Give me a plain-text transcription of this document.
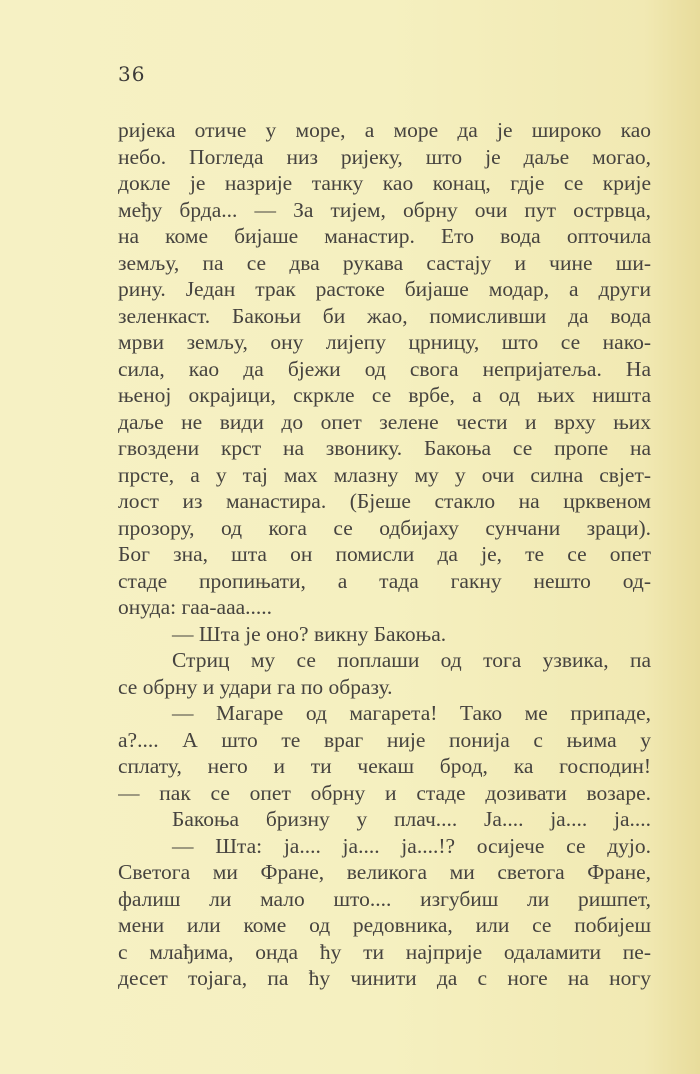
36
ријека отиче у море, а море да је широко као
небо. Погледа низ ријеку, што је даље могао,
докле је назрије танку као конац, гдје се крије
међу брда... — За тијем, обрну очи пут острвца,
на коме бијаше манастир. Ето вода опточила
земљу, па се два рукава састају и чине ши-
рину. Један трак растоке бијаше модар, а други
зеленкаст. Бакоњи би жао, помисливши да вода
мрви земљу, ону лијепу црницу, што се нако-
сила, као да бјежи од свога непријатеља. На
њеној окрајици, скркле се врбе, а од њих ништа
даље не види до опет зелене чести и врху њих
гвоздени крст на звонику. Бакоња се пропе на
прсте, а у тај мах млазну му у очи силна свјет-
лост из манастира. (Бјеше стакло на црквеном
прозору, од кога се одбијаху сунчани зраци).
Бог зна, шта он помисли да је, те се опет
стаде пропињати, а тада гакну нешто од-
онуда: гаа-ааа.....
— Шта је оно? викну Бакоња.
Стриц му се поплаши од тога узвика, па
се обрну и удари га по образу.
— Магаре од магарета! Тако ме припаде,
а?.... А што те враг није понија с њима у
сплату, него и ти чекаш брод, ка господин!
— пак се опет обрну и стаде дозивати возаре.
Бакоња бризну у плач.... Ја.... ја.... ја....
— Шта: ја.... ја.... ја....!? осијече се дујо.
Светога ми Фране, великога ми светога Фране,
фалиш ли мало што.... изгубиш ли ришпет,
мени или коме од редовника, или се побијеш
с млађима, онда ћу ти најприје одаламити пе-
десет тојага, па ћу чинити да с ноге на ногу
